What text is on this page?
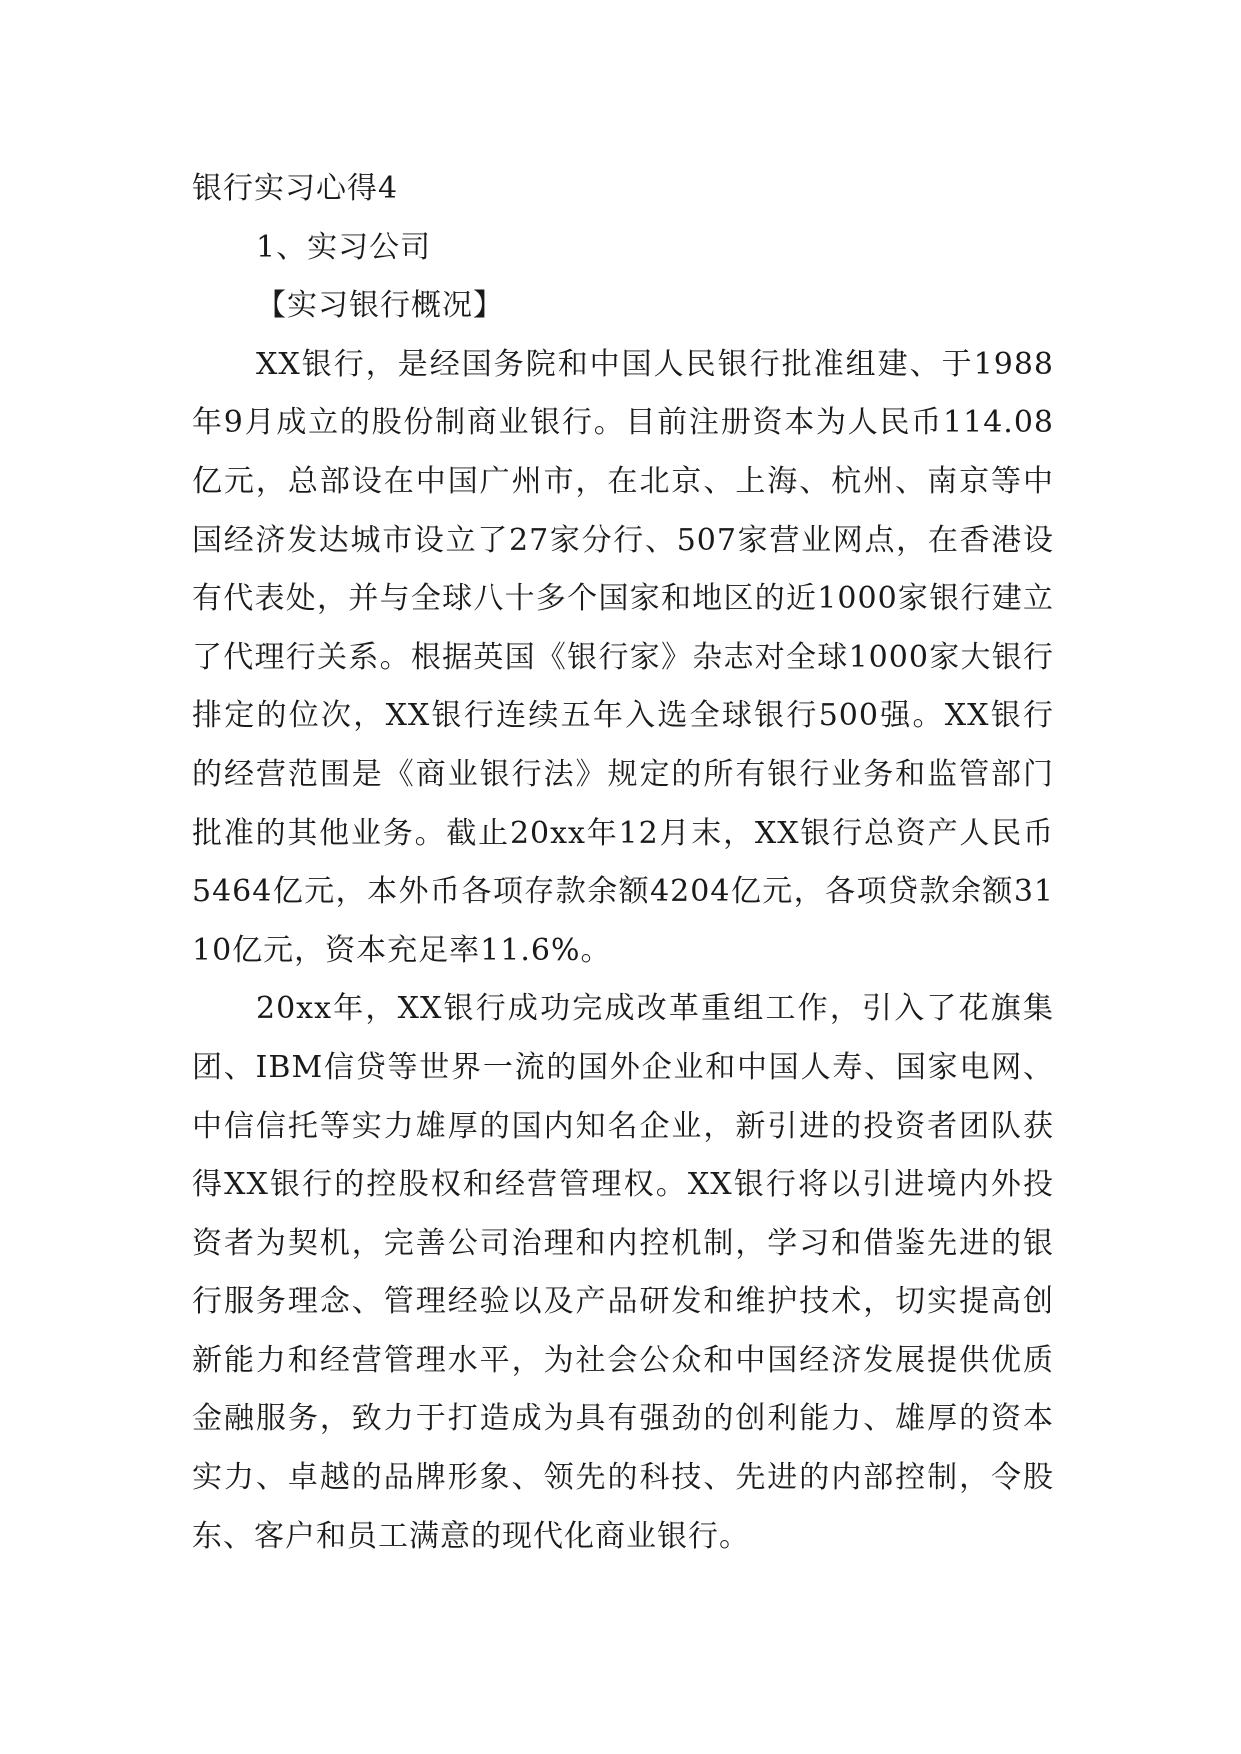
银行实习心得4

1、实习公司

【实习银行概况】

XX银行，是经国务院和中国人民银行批准组建、于1988年9月成立的股份制商业银行。目前注册资本为人民币114.08亿元，总部设在中国广州市，在北京、上海、杭州、南京等中国经济发达城市设立了27家分行、507家营业网点，在香港设有代表处，并与全球八十多个国家和地区的近1000家银行建立了代理行关系。根据英国《银行家》杂志对全球1000家大银行排定的位次，XX银行连续五年入选全球银行500强。XX银行的经营范围是《商业银行法》规定的所有银行业务和监管部门批准的其他业务。截止20xx年12月末，XX银行总资产人民币5464亿元，本外币各项存款余额4204亿元，各项贷款余额3110亿元，资本充足率11.6%。

20xx年，XX银行成功完成改革重组工作，引入了花旗集团、IBM信贷等世界一流的国外企业和中国人寿、国家电网、中信信托等实力雄厚的国内知名企业，新引进的投资者团队获得XX银行的控股权和经营管理权。XX银行将以引进境内外投资者为契机，完善公司治理和内控机制，学习和借鉴先进的银行服务理念、管理经验以及产品研发和维护技术，切实提高创新能力和经营管理水平，为社会公众和中国经济发展提供优质金融服务，致力于打造成为具有强劲的创利能力、雄厚的资本实力、卓越的品牌形象、领先的科技、先进的内部控制，令股东、客户和员工满意的现代化商业银行。
